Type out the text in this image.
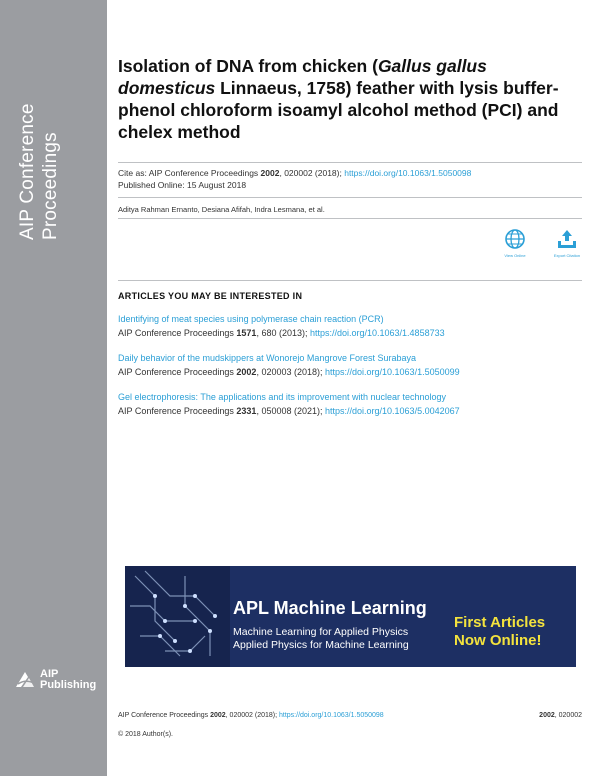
AIP Conference Proceedings
AIP
Publishing
Isolation of DNA from chicken (Gallus gallus domesticus Linnaeus, 1758) feather with lysis buffer-phenol chloroform isoamyl alcohol method (PCI) and chelex method
Cite as: AIP Conference Proceedings 2002, 020002 (2018); https://doi.org/10.1063/1.5050098
Published Online: 15 August 2018
Aditya Rahman Ernanto, Desiana Afifah, Indra Lesmana, et al.
View Online	Export Citation
ARTICLES YOU MAY BE INTERESTED IN
Identifying of meat species using polymerase chain reaction (PCR)
AIP Conference Proceedings 1571, 680 (2013); https://doi.org/10.1063/1.4858733
Daily behavior of the mudskippers at Wonorejo Mangrove Forest Surabaya
AIP Conference Proceedings 2002, 020003 (2018); https://doi.org/10.1063/1.5050099
Gel electrophoresis: The applications and its improvement with nuclear technology
AIP Conference Proceedings 2331, 050008 (2021); https://doi.org/10.1063/5.0042067
APL Machine Learning
Machine Learning for Applied Physics
Applied Physics for Machine Learning
First Articles
Now Online!
AIP Conference Proceedings 2002, 020002 (2018); https://doi.org/10.1063/1.5050098	2002, 020002
© 2018 Author(s).
